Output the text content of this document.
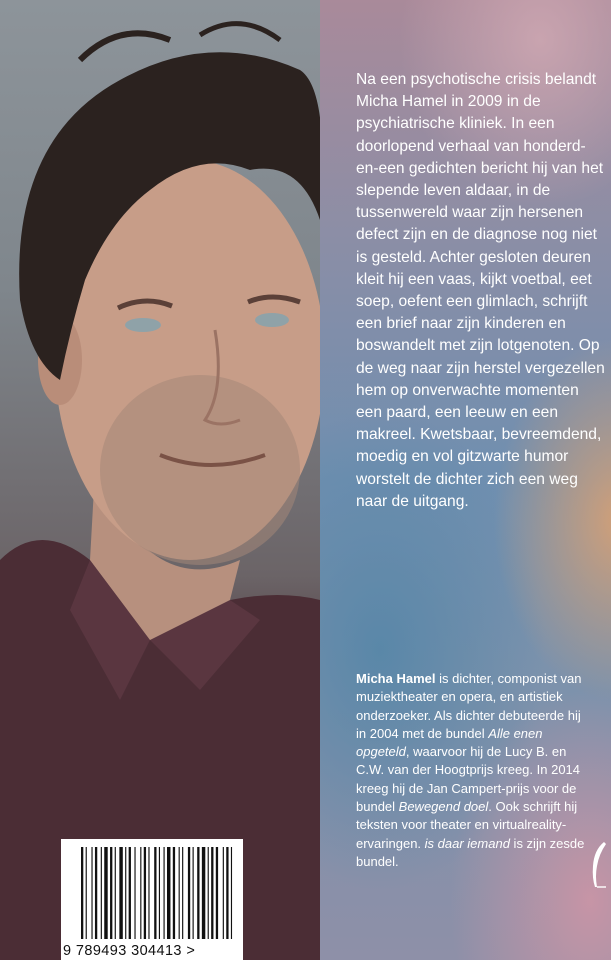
Na een psychotische crisis belandt Micha Hamel in 2009 in de psychiatrische kliniek. In een doorlopend verhaal van honderd-en-een gedichten bericht hij van het slepende leven aldaar, in de tussenwereld waar zijn hersenen defect zijn en de diagnose nog niet is gesteld. Achter gesloten deuren kleit hij een vaas, kijkt voetbal, eet soep, oefent een glimlach, schrijft een brief naar zijn kinderen en boswandelt met zijn lotgenoten. Op de weg naar zijn herstel vergezellen hem op onverwachte momenten een paard, een leeuw en een makreel. Kwetsbaar, bevreemdend, moedig en vol gitzwarte humor worstelt de dichter zich een weg naar de uitgang.

Micha Hamel is dichter, componist van muziektheater en opera, en artistiek onderzoeker. Als dichter debuteerde hij in 2004 met de bundel Alle enen opgeteld, waarvoor hij de Lucy B. en C.W. van der Hoogtprijs kreeg. In 2014 kreeg hij de Jan Campert-prijs voor de bundel Bewegend doel. Ook schrijft hij teksten voor theater en virtualreality-ervaringen. is daar iemand is zijn zesde bundel.

9 789493 304413 >
